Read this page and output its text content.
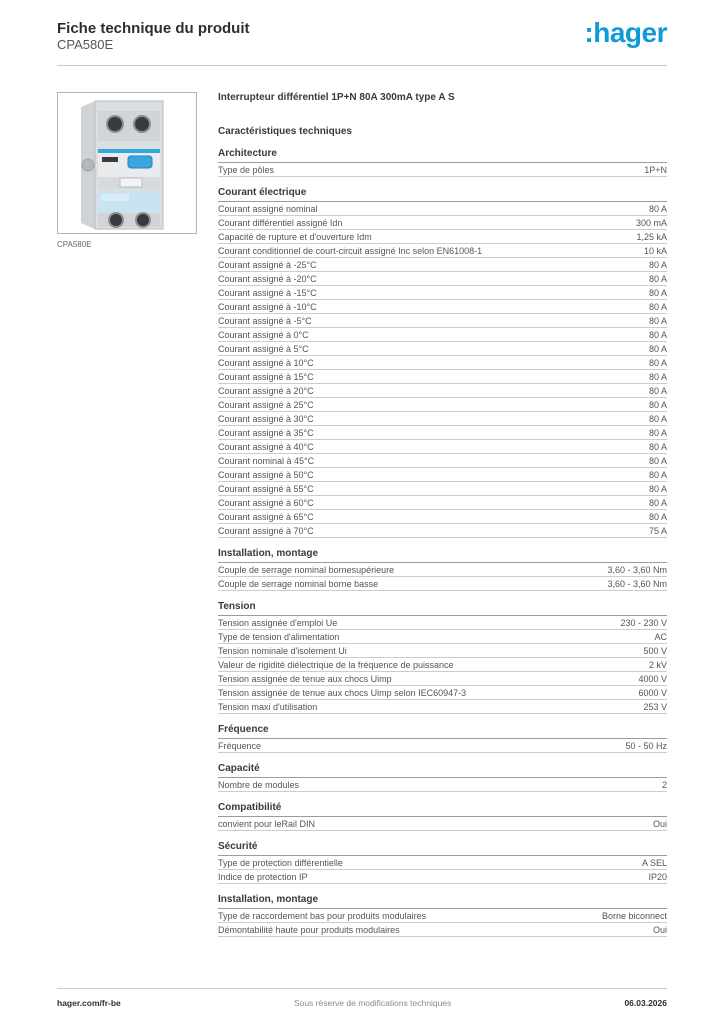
Fiche technique du produit
CPA580E	:hager
CPA580E
Interrupteur différentiel 1P+N 80A 300mA type A S
Caractéristiques techniques
Architecture
Type de pôles	1P+N
Courant électrique
Courant assigné nominal	80 A
Courant différentiel assigné Idn	300 mA
Capacité de rupture et d'ouverture Idm	1,25 kA
Courant conditionnel de court-circuit assigné Inc selon EN61008-1	10 kA
Courant assigné à -25°C	80 A
Courant assigné à -20°C	80 A
Courant assigné à -15°C	80 A
Courant assigné à -10°C	80 A
Courant assigné à -5°C	80 A
Courant assigné à 0°C	80 A
Courant assigné à 5°C	80 A
Courant assigné à 10°C	80 A
Courant assigné à 15°C	80 A
Courant assigné à 20°C	80 A
Courant assigné à 25°C	80 A
Courant assigné à 30°C	80 A
Courant assigné à 35°C	80 A
Courant assigné à 40°C	80 A
Courant nominal à 45°C	80 A
Courant assigné à 50°C	80 A
Courant assigné à 55°C	80 A
Courant assigné à 60°C	80 A
Courant assigné à 65°C	80 A
Courant assigné à 70°C	75 A
Installation, montage
Couple de serrage nominal bornesupérieure	3,60 - 3,60 Nm
Couple de serrage nominal borne basse	3,60 - 3,60 Nm
Tension
Tension assignée d'emploi Ue	230 - 230 V
Type de tension d'alimentation	AC
Tension nominale d'isolement Ui	500 V
Valeur de rigidité diélectrique de la fréquence de puissance	2 kV
Tension assignée de tenue aux chocs Uimp	4000 V
Tension assignée de tenue aux chocs Uimp selon IEC60947-3	6000 V
Tension maxi d'utilisation	253 V
Fréquence
Fréquence	50 - 50 Hz
Capacité
Nombre de modules	2
Compatibilité
convient pour leRail DIN	Oui
Sécurité
Type de protection différentielle	A SEL
Indice de protection IP	IP20
Installation, montage
Type de raccordement bas pour produits modulaires	Borne biconnect
Démontabilité haute pour produits modulaires	Oui
hager.com/fr-be	Sous réserve de modifications techniques	06.03.2026
